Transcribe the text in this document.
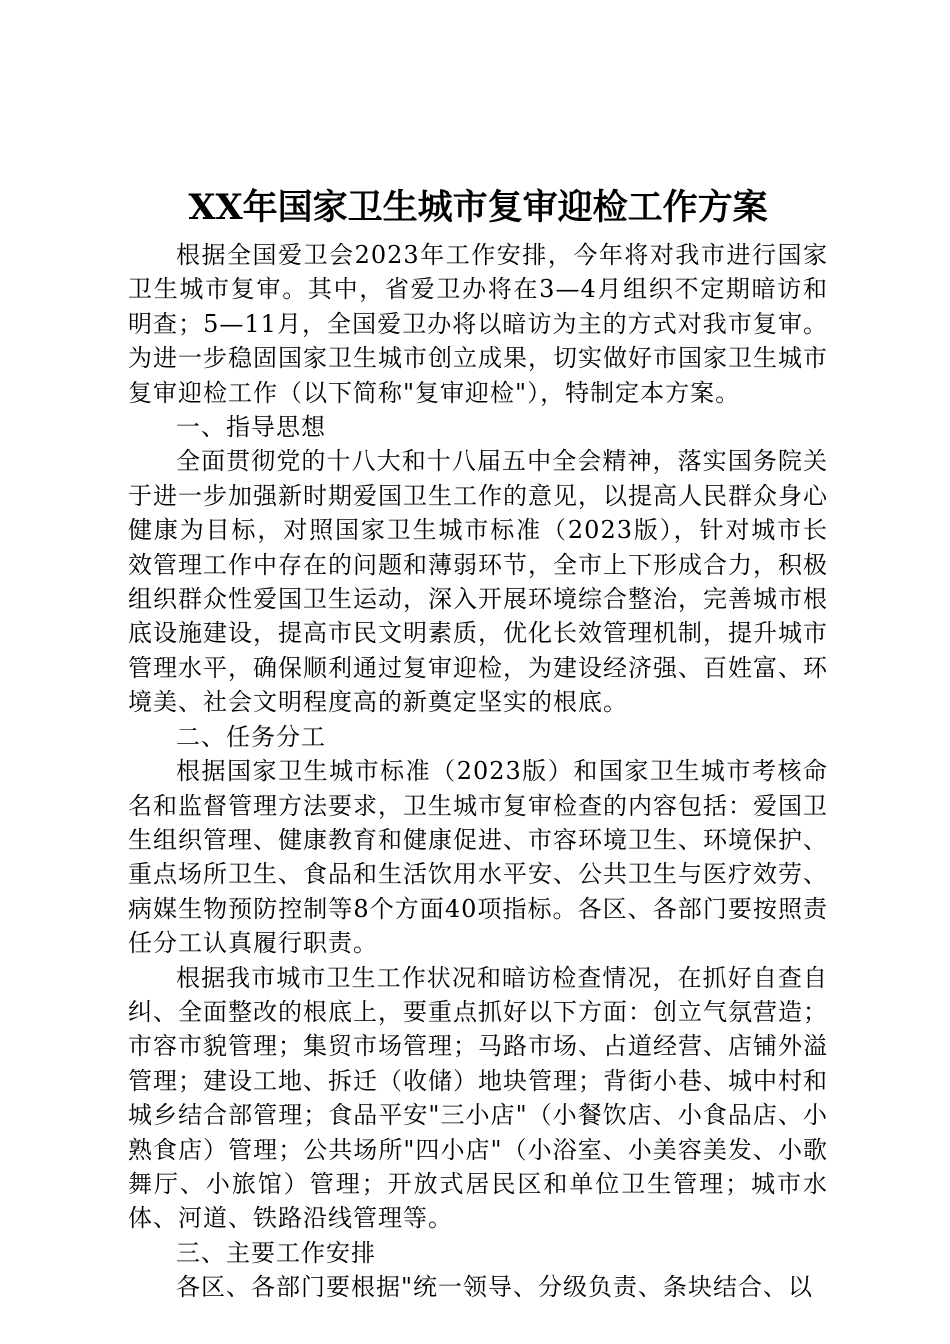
XX年国家卫生城市复审迎检工作方案

根据全国爱卫会2023年工作安排，今年将对我市进行国家卫生城市复审。其中，省爱卫办将在3—4月组织不定期暗访和明查；5—11月，全国爱卫办将以暗访为主的方式对我市复审。为进一步稳固国家卫生城市创立成果，切实做好市国家卫生城市复审迎检工作（以下简称"复审迎检"），特制定本方案。

一、指导思想

全面贯彻党的十八大和十八届五中全会精神，落实国务院关于进一步加强新时期爱国卫生工作的意见，以提高人民群众身心健康为目标，对照国家卫生城市标准（2023版），针对城市长效管理工作中存在的问题和薄弱环节，全市上下形成合力，积极组织群众性爱国卫生运动，深入开展环境综合整治，完善城市根底设施建设，提高市民文明素质，优化长效管理机制，提升城市管理水平，确保顺利通过复审迎检，为建设经济强、百姓富、环境美、社会文明程度高的新奠定坚实的根底。

二、任务分工

根据国家卫生城市标准（2023版）和国家卫生城市考核命名和监督管理方法要求，卫生城市复审检查的内容包括：爱国卫生组织管理、健康教育和健康促进、市容环境卫生、环境保护、重点场所卫生、食品和生活饮用水平安、公共卫生与医疗效劳、病媒生物预防控制等8个方面40项指标。各区、各部门要按照责任分工认真履行职责。

根据我市城市卫生工作状况和暗访检查情况，在抓好自查自纠、全面整改的根底上，要重点抓好以下方面：创立气氛营造；市容市貌管理；集贸市场管理；马路市场、占道经营、店铺外溢管理；建设工地、拆迁（收储）地块管理；背街小巷、城中村和城乡结合部管理；食品平安"三小店"（小餐饮店、小食品店、小熟食店）管理；公共场所"四小店"（小浴室、小美容美发、小歌舞厅、小旅馆）管理；开放式居民区和单位卫生管理；城市水体、河道、铁路沿线管理等。

三、主要工作安排

各区、各部门要根据"统一领导、分级负责、条块结合、以
